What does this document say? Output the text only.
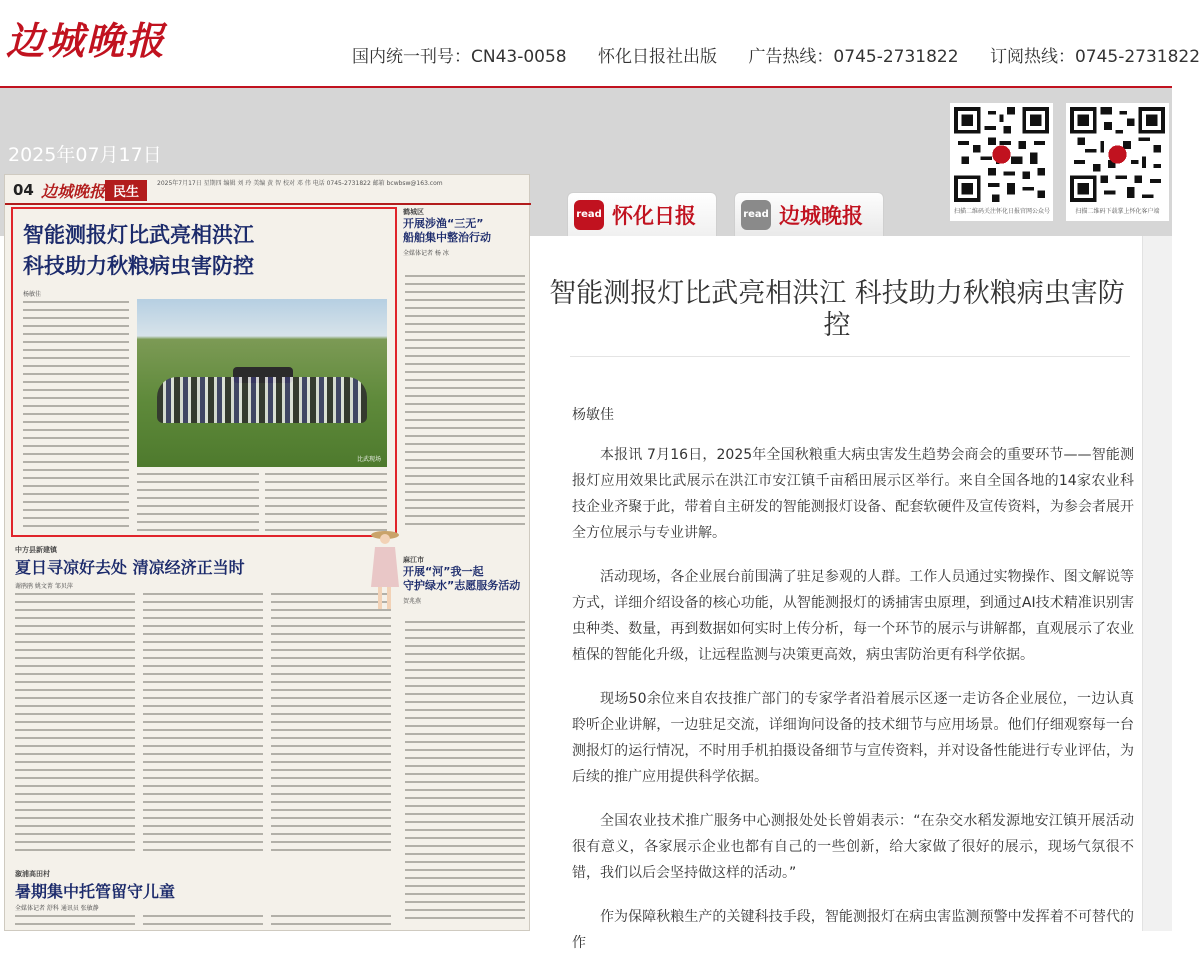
边城晚报	国内统一刊号：CN43-0058 怀化日报社出版 广告热线：0745-2731822 订阅热线：0745-2731822
2025年07月17日
read 怀化日报	read 边城晚报	扫描二维码关注怀化日报官网公众号	扫描二维码下载掌上怀化客户端
04 边城晚报 民生
2025年7月17日 星期四 编辑 刘 玲 美编 黄 智 校对 邓 伟 电话 0745-2731822 邮箱 bcwbsw@163.com
智能测报灯比武亮相洪江
科技助力秋粮病虫害防控
杨敏佳
比武现场
鹤城区
开展涉渔“三无”
船舶集中整治行动
全媒体记者 杨 冰
中方县新建镇
夏日寻凉好去处 清凉经济正当时
谢鹃鹃 姚文菁 邹贝萍
麻江市
开展“河”我一起
守护绿水”志愿服务活动
贺兆燕
溆浦高田村
暑期集中托管留守儿童
全媒体记者 舒科 通讯员 张敏静
智能测报灯比武亮相洪江 科技助力秋粮病虫害防控
杨敏佳

本报讯 7月16日，2025年全国秋粮重大病虫害发生趋势会商会的重要环节——智能测报灯应用效果比武展示在洪江市安江镇千亩稻田展示区举行。来自全国各地的14家农业科技企业齐聚于此，带着自主研发的智能测报灯设备、配套软硬件及宣传资料，为参会者展开全方位展示与专业讲解。

活动现场，各企业展台前围满了驻足参观的人群。工作人员通过实物操作、图文解说等方式，详细介绍设备的核心功能，从智能测报灯的诱捕害虫原理，到通过AI技术精准识别害虫种类、数量，再到数据如何实时上传分析，每一个环节的展示与讲解都，直观展示了农业植保的智能化升级，让远程监测与决策更高效，病虫害防治更有科学依据。

现场50余位来自农技推广部门的专家学者沿着展示区逐一走访各企业展位，一边认真聆听企业讲解，一边驻足交流，详细询问设备的技术细节与应用场景。他们仔细观察每一台测报灯的运行情况，不时用手机拍摄设备细节与宣传资料，并对设备性能进行专业评估，为后续的推广应用提供科学依据。

全国农业技术推广服务中心测报处处长曾娟表示：“在杂交水稻发源地安江镇开展活动很有意义，各家展示企业也都有自己的一些创新，给大家做了很好的展示，现场气氛很不错，我们以后会坚持做这样的活动。”

作为保障秋粮生产的关键科技手段，智能测报灯在病虫害监测预警中发挥着不可替代的作
